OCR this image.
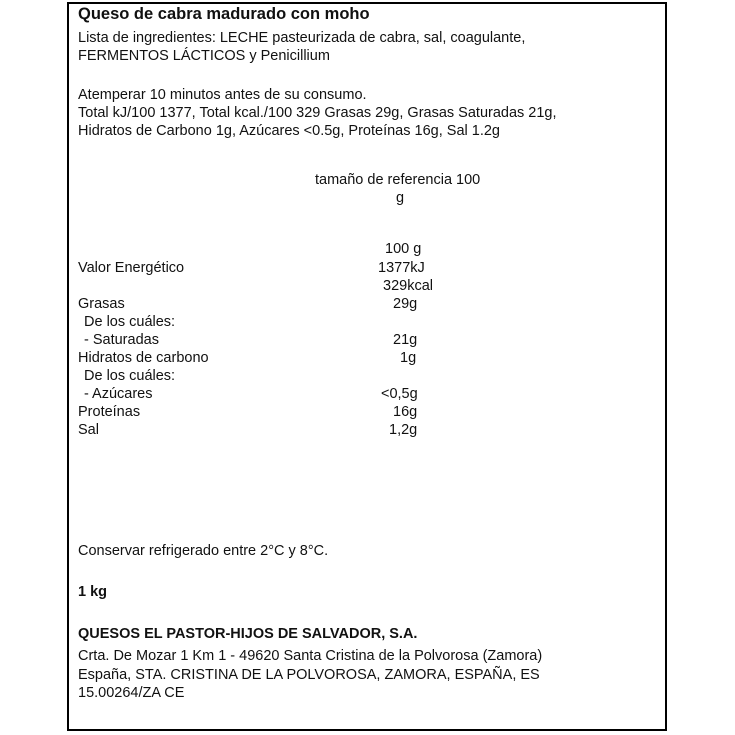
Queso de cabra madurado con moho
Lista de ingredientes: LECHE pasteurizada de cabra, sal, coagulante,
FERMENTOS LÁCTICOS y Penicillium
Atemperar 10 minutos antes de su consumo.
Total kJ/100 1377, Total kcal./100 329 Grasas 29g, Grasas Saturadas 21g,
Hidratos de Carbono 1g, Azúcares <0.5g, Proteínas 16g, Sal 1.2g
tamaño de referencia 100
g
100 g
Valor Energético	1377kJ
329kcal
Grasas	29g
De los cuáles:
- Saturadas	21g
Hidratos de carbono	1g
De los cuáles:
- Azúcares	<0,5g
Proteínas	16g
Sal	1,2g
Conservar refrigerado entre 2°C y 8°C.
1 kg
QUESOS EL PASTOR-HIJOS DE SALVADOR, S.A.
Crta. De Mozar 1 Km 1 - 49620 Santa Cristina de la Polvorosa (Zamora)
España, STA. CRISTINA DE LA POLVOROSA, ZAMORA, ESPAÑA, ES
15.00264/ZA CE
